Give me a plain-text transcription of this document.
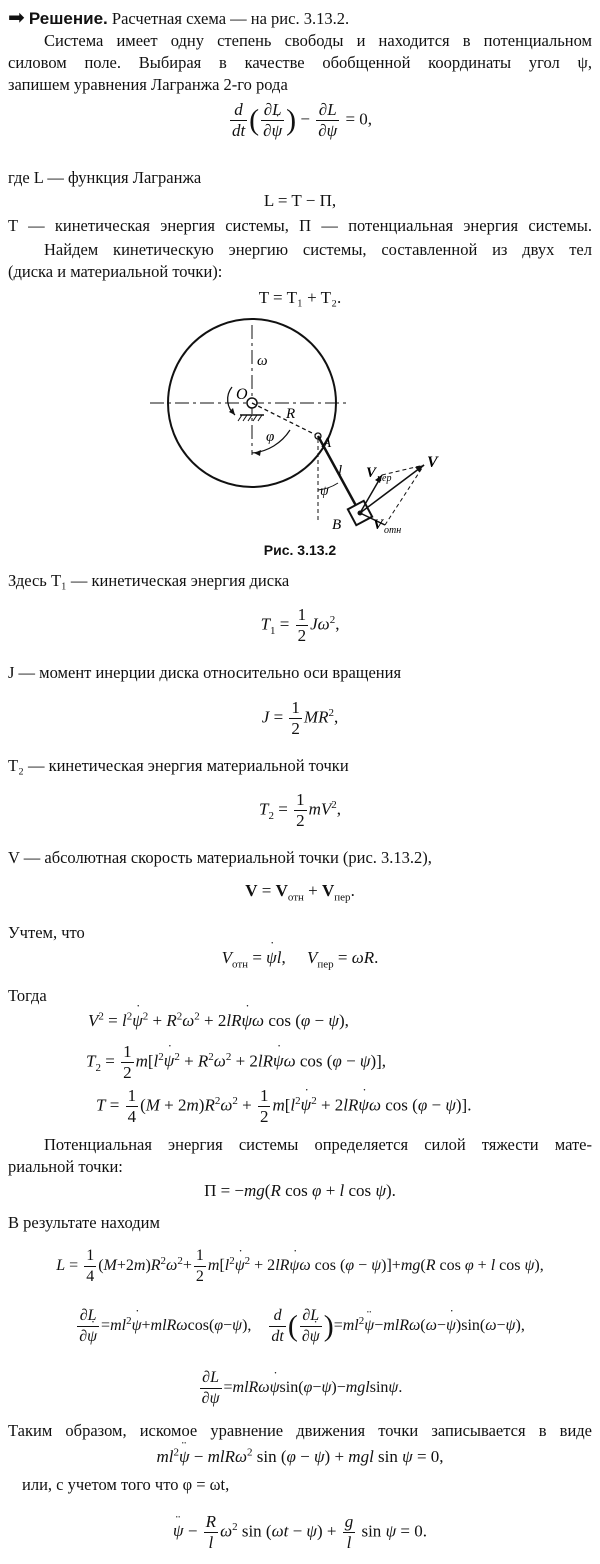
➡ Решение. Расчетная схема — на рис. 3.13.2.
Система имеет одну степень свободы и находится в потенциальном
силовом поле. Выбирая в качестве обобщенной координаты угол ψ,
запишем уравнения Лагранжа 2-го рода
$\frac{d}{dt}$ ( $\frac{\partial L}{\partial\psi}$ ˙ ) − $\frac{\partial L}{\partial\psi} = 0$,
где L — функция Лагранжа
L = T − Π,
T — кинетическая энергия системы, Π — потенциальная энергия системы.
Найдем кинетическую энергию системы, составленной из двух тел
(диска и материальной точки):
T = T₁ + T₂.
O
ω
R
φ	A
l
ψ
B
V
V пер
V отн
Рис. 3.13.2
Здесь T₁ — кинетическая энергия диска
$T_1 = \frac{1}{2} J\omega^2$,
J — момент инерции диска относительно оси вращения
$J = \frac{1}{2} MR^2$,
T₂ — кинетическая энергия материальной точки
$T_2 = \frac{1}{2} mV^2$,
V — абсолютная скорость материальной точки (рис. 3.13.2),
$V = V_{отн} + V_{пер}$.
Учтем, что
$V_{отн} = \psi$ ˙l,     $V_{пер} = \omega R$.
Тогда
$V^2 = l^2\psi$ ˙$^2$ + $R^2\omega^2 + 2lR\psi$ ˙ω cos (φ − ψ),
$T_2 = \frac{1}{2} m[l^2\psi$ ˙$^2$ + $R^2\omega^2 + 2lR\psi$ ˙ω cos (φ − ψ)],
$T = \frac{1}{4} (M + 2m)R^2\omega^2 + \frac{1}{2} m[l^2\psi$ ˙$^2$ + 2lRψ ˙ω cos (φ − ψ)].
Потенциальная энергия системы определяется силой тяжести мате-
риальной точки:
Π = −mg(R cos φ + l cos ψ).
В результате находим
$L = \frac{1}{4} (M+2m)R^2\omega^2+ \frac{1}{2} m[l^2\psi$ ˙$^2$ + 2lRψ ˙ω cos (φ − ψ)]+mg(R cos φ + l cos ψ),
$\frac{\partial L}{\partial\psi}$ ˙ $=ml^2\psi$ ˙+mlRωcos(φ−ψ), $\frac{d}{dt}$ ( $\frac{\partial L}{\partial\psi}$ ˙ )$=ml^2\psi$ ¨−mlRω(ω−ψ ˙)sin(ω−ψ),
$\frac{\partial L}{\partial\psi} =mlR\omega\psi$ ˙sin(φ−ψ)−mglsinψ.
Таким образом, искомое уравнение движения точки записывается в виде
$ml^2\psi$ ¨ − mlRω$^2$ sin (φ − ψ) + mgl sin ψ = 0,
или, с учетом того что φ = ωt,
ψ ¨ − $\frac{R}{l} \omega^2$ $\sin (\omega t - \psi) + \frac{g}{l}$ sin ψ = 0.
